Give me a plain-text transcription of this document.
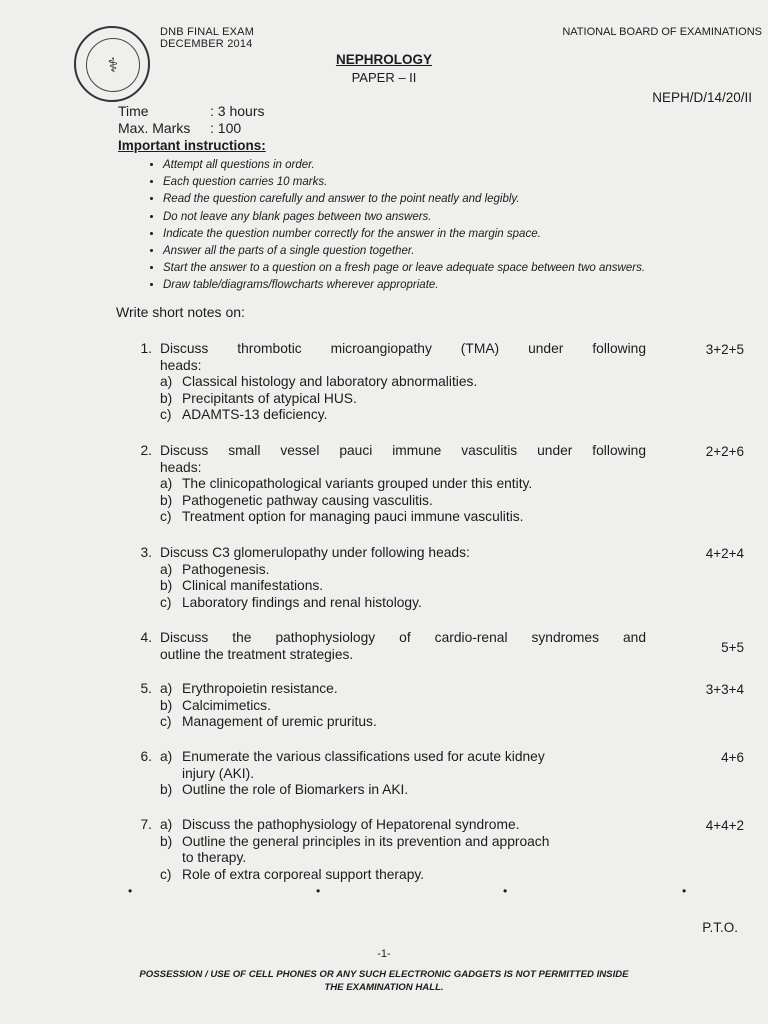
⚕
DNB FINAL EXAM
DECEMBER 2014
NATIONAL BOARD OF EXAMINATIONS
NEPHROLOGY
PAPER – II
NEPH/D/14/20/II
Time	: 3 hours
Max. Marks : 100
Important instructions:
• Attempt all questions in order.
• Each question carries 10 marks.
• Read the question carefully and answer to the point neatly and legibly.
• Do not leave any blank pages between two answers.
• Indicate the question number correctly for the answer in the margin space.
• Answer all the parts of a single question together.
• Start the answer to a question on a fresh page or leave adequate space between two answers.
• Draw table/diagrams/flowcharts wherever appropriate.
Write short notes on:
1. Discuss thrombotic microangiopathy (TMA) under following
heads:
a) Classical histology and laboratory abnormalities.
b) Precipitants of atypical HUS.
c) ADAMTS-13 deficiency.
3+2+5
2. Discuss small vessel pauci immune vasculitis under following
heads:
a) The clinicopathological variants grouped under this entity.
b) Pathogenetic pathway causing vasculitis.
c) Treatment option for managing pauci immune vasculitis.
2+2+6
3. Discuss C3 glomerulopathy under following heads:
a) Pathogenesis.
b) Clinical manifestations.
c) Laboratory findings and renal histology.
4+2+4
4. Discuss the pathophysiology of cardio-renal syndromes and
outline the treatment strategies.	5+5
5. a) Erythropoietin resistance.
b) Calcimimetics.
c) Management of uremic pruritus.
3+3+4
6. a) Enumerate the various classifications used for acute kidney
injury (AKI).
b) Outline the role of Biomarkers in AKI.
4+6
7. a) Discuss the pathophysiology of Hepatorenal syndrome.
b) Outline the general principles in its prevention and approach
to therapy.
c) Role of extra corporeal support therapy.
4+4+2
•	•	•	•
P.T.O.
-1-
POSSESSION / USE OF CELL PHONES OR ANY SUCH ELECTRONIC GADGETS IS NOT PERMITTED INSIDE THE EXAMINATION HALL.
